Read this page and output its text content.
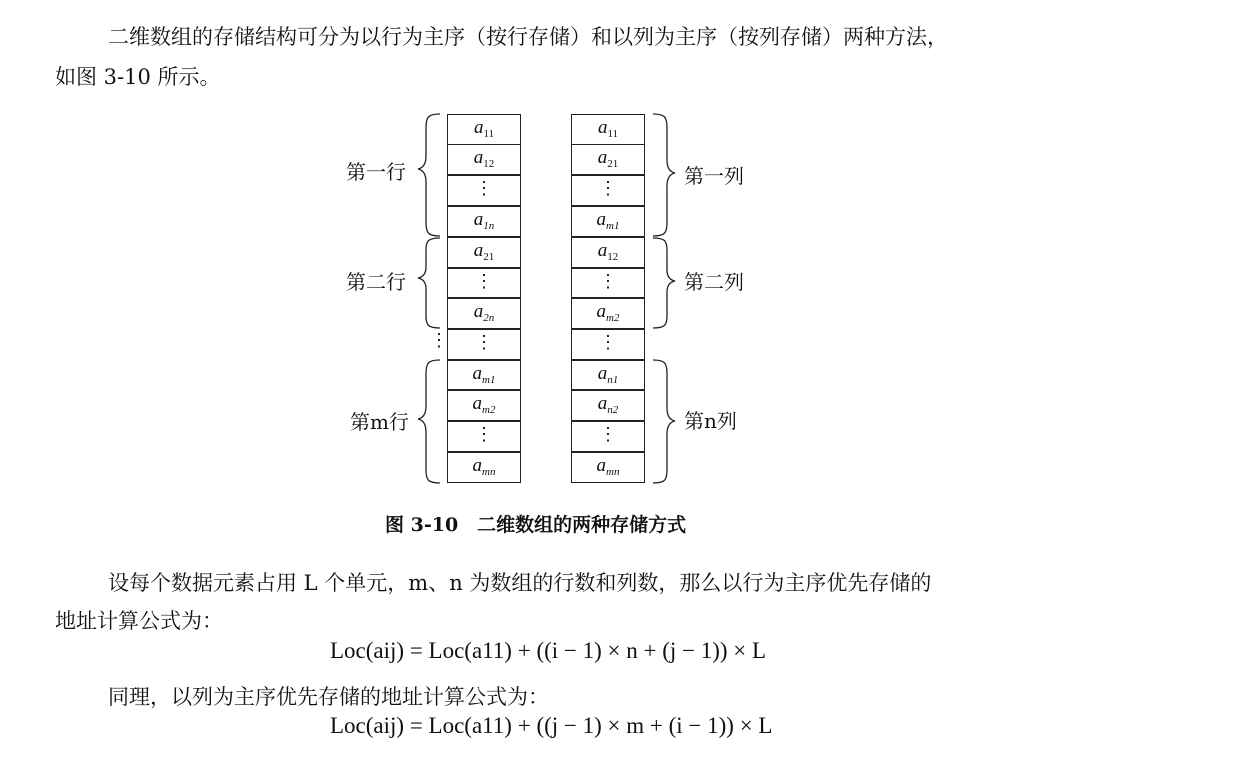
二维数组的存储结构可分为以行为主序（按行存储）和以列为主序（按列存储）两种方法，
如图 3-10 所示。
$a_{11}$
$a_{12}$
⋮
$a_{1n}$
$a_{21}$
⋮
$a_{2n}$
⋮
$a_{m1}$
$a_{m2}$
⋮
$a_{mn}$
$a_{11}$
$a_{21}$
⋮
$a_{m1}$
$a_{12}$
⋮
$a_{m2}$
⋮
$a_{n1}$
$a_{n2}$
⋮
$a_{mn}$
第一行
第二行
第m行
第一列
第二列
第n列
⋮
图 3-10　二维数组的两种存储方式
设每个数据元素占用 L 个单元，m、n 为数组的行数和列数，那么以行为主序优先存储的
地址计算公式为：
Loc(aij) = Loc(a11) + ((i − 1) × n + (j − 1)) × L
同理，以列为主序优先存储的地址计算公式为：
Loc(aij) = Loc(a11) + ((j − 1) × m + (i − 1)) × L
